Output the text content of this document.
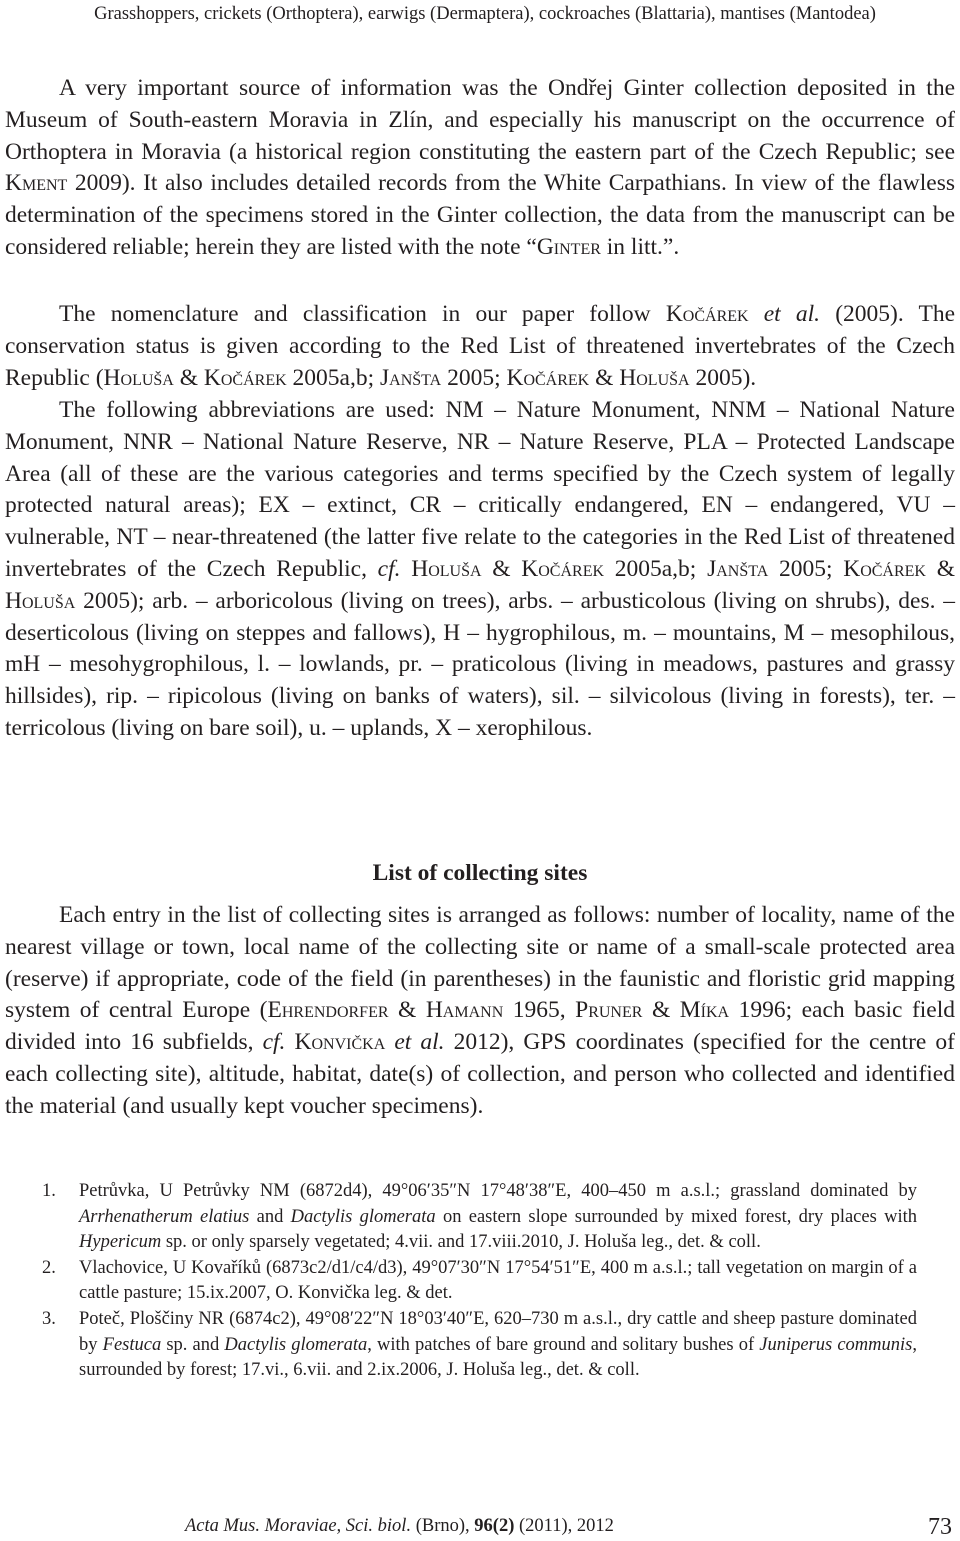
Grasshoppers, crickets (Orthoptera), earwigs (Dermaptera), cockroaches (Blattaria), mantises (Mantodea)
A very important source of information was the Ondřej Ginter collection deposited in the Museum of South-eastern Moravia in Zlín, and especially his manuscript on the occurrence of Orthoptera in Moravia (a historical region constituting the eastern part of the Czech Republic; see Kment 2009). It also includes detailed records from the White Carpathians. In view of the flawless determination of the specimens stored in the Ginter collection, the data from the manuscript can be considered reliable; herein they are listed with the note “Ginter in litt.”.
The nomenclature and classification in our paper follow Kočárek et al. (2005). The conservation status is given according to the Red List of threatened invertebrates of the Czech Republic (Holuša & Kočárek 2005a,b; Janšta 2005; Kočárek & Holuša 2005).
The following abbreviations are used: NM – Nature Monument, NNM – National Nature Monument, NNR – National Nature Reserve, NR – Nature Reserve, PLA – Protected Landscape Area (all of these are the various categories and terms specified by the Czech system of legally protected natural areas); EX – extinct, CR – critically endangered, EN – endangered, VU – vulnerable, NT – near-threatened (the latter five relate to the categories in the Red List of threatened invertebrates of the Czech Republic, cf. Holuša & Kočárek 2005a,b; Janšta 2005; Kočárek & Holuša 2005); arb. – arboricolous (living on trees), arbs. – arbusticolous (living on shrubs), des. – deserticolous (living on steppes and fallows), H – hygrophilous, m. – mountains, M – mesophilous, mH – mesohygrophilous, l. – lowlands, pr. – praticolous (living in meadows, pastures and grassy hillsides), rip. – ripicolous (living on banks of waters), sil. – silvicolous (living in forests), ter. – terricolous (living on bare soil), u. – uplands, X – xerophilous.
List of collecting sites
Each entry in the list of collecting sites is arranged as follows: number of locality, name of the nearest village or town, local name of the collecting site or name of a small-scale protected area (reserve) if appropriate, code of the field (in parentheses) in the faunistic and floristic grid mapping system of central Europe (Ehrendorfer & Hamann 1965, Pruner & Míka 1996; each basic field divided into 16 subfields, cf. Konvička et al. 2012), GPS coordinates (specified for the centre of each collecting site), altitude, habitat, date(s) of collection, and person who collected and identified the material (and usually kept voucher specimens).
1. Petrůvka, U Petrůvky NM (6872d4), 49°06′35″N 17°48′38″E, 400–450 m a.s.l.; grassland dominated by Arrhenatherum elatius and Dactylis glomerata on eastern slope surrounded by mixed forest, dry places with Hypericum sp. or only sparsely vegetated; 4.vii. and 17.viii.2010, J. Holuša leg., det. & coll.
2. Vlachovice, U Kovaříků (6873c2/d1/c4/d3), 49°07′30″N 17°54′51″E, 400 m a.s.l.; tall vegetation on margin of a cattle pasture; 15.ix.2007, O. Konvička leg. & det.
3. Poteč, Ploščiny NR (6874c2), 49°08′22″N 18°03′40″E, 620–730 m a.s.l., dry cattle and sheep pasture dominated by Festuca sp. and Dactylis glomerata, with patches of bare ground and solitary bushes of Juniperus communis, surrounded by forest; 17.vi., 6.vii. and 2.ix.2006, J. Holuša leg., det. & coll.
Acta Mus. Moraviae, Sci. biol. (Brno), 96(2) (2011), 2012	73
